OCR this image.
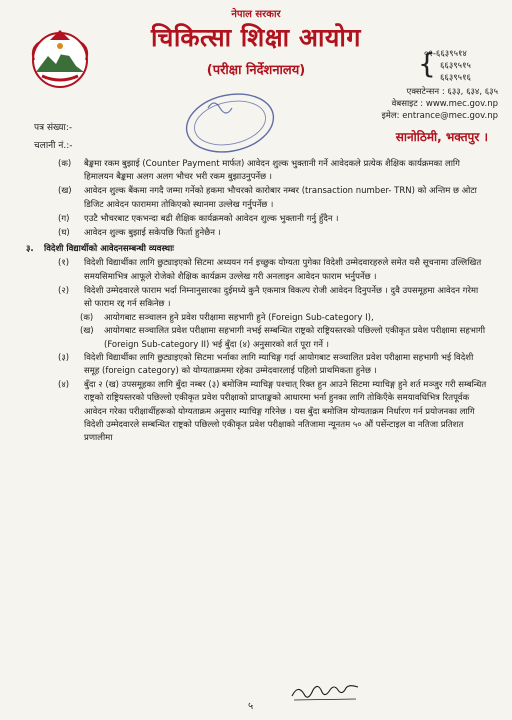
नेपाल सरकार
चिकित्सा शिक्षा आयोग
(परीक्षा निर्देशनालय)	{
०१-६६३९५१४
६६३९५१५
६६३९५१६
एक्सटेन्सन : ६३३, ६३४, ६३५
वेबसाइट : www.mec.gov.np
इमेल: entrance@mec.gov.np
पत्र संख्या:-
चलानी नं.:-
सानोठिमी, भक्तपुर ।
(क) बैङ्कमा रकम बुझाई (Counter Payment मार्फत) आवेदन शुल्क भुक्तानी गर्ने आवेदकले प्रत्येक शैक्षिक कार्यक्रमका लागि हिमालयन बैङ्कमा अलग अलग भौचर भरी रकम बुझाउनुपर्नेछ ।
(ख) आवेदन शुल्क बैंकमा नगदै जम्मा गर्नेको हकमा भौचरको कारोबार नम्बर (transaction number- TRN) को अन्तिम छ ओटा डिजिट आवेदन फाराममा तोकिएको स्थानमा उल्लेख गर्नुपर्नेछ ।
(ग) एउटै भौचरबाट एकभन्दा बढी शैक्षिक कार्यक्रमको आवेदन शुल्क भुक्तानी गर्नु हुँदैन ।
(घ) आवेदन शुल्क बुझाई सकेपछि फिर्ता हुनेछैन ।
३. विदेशी विद्यार्थीको आवेदनसम्बन्धी व्यवस्थाः
(१) विदेशी विद्यार्थीका लागि छुट्याइएको सिटमा अध्ययन गर्न इच्छुक योग्यता पुगेका विदेशी उम्मेदवारहरुले समेत यसै सूचनामा उल्लिखित समयसिमाभित्र आफूले रोजेको शैक्षिक कार्यक्रम उल्लेख गरी अनलाइन आवेदन फाराम भर्नुपर्नेछ ।
(२) विदेशी उम्मेदवारले फाराम भर्दा निम्नानुसारका दुईमध्ये कुनै एकमात्र विकल्प रोजी आवेदन दिनुपर्नेछ । दुवै उपसमूहमा आवेदन गरेमा सो फाराम रद्द गर्न सकिनेछ ।
(क) आयोगबाट सञ्चालन हुने प्रवेश परीक्षामा सहभागी हुने (Foreign Sub-category I),
(ख) आयोगबाट सञ्चालित प्रवेश परीक्षामा सहभागी नभई सम्बन्धित राष्ट्रको राष्ट्रियस्तरको पछिल्लो एकीकृत प्रवेश परीक्षामा सहभागी (Foreign Sub-category II) भई बुँदा (४) अनुसारको शर्त पूरा गर्ने ।
(३) विदेशी विद्यार्थीका लागि छुट्याइएको सिटमा भर्नाका लागि म्याचिङ्ग गर्दा आयोगबाट सञ्चालित प्रवेश परीक्षामा सहभागी भई विदेशी समूह (foreign category) को योग्यताक्रममा रहेका उम्मेदवारलाई पहिलो प्राथमिकता हुनेछ ।
(४) बुँदा २ (ख) उपसमूहका लागि बुँदा नम्बर (३) बमोजिम म्याचिङ्ग पश्चात् रिक्त हुन आउने सिटमा म्याचिङ्ग हुने शर्त मञ्जुर गरी सम्बन्धित राष्ट्रको राष्ट्रियस्तरको पछिल्लो एकीकृत प्रवेश परीक्षाको प्राप्ताङ्कको आधारमा भर्ना हुनका लागि तोकिएँके समयावधिभित्र रितपूर्वक आवेदन गरेका परीक्षार्थीहरूको योग्यताक्रम अनुसार म्याचिङ्ग गरिनेछ । यस बुँदा बमोजिम योग्यताक्रम निर्धारण गर्न प्रयोजनका लागि विदेशी उम्मेदवारले सम्बन्धित राष्ट्रको पछिल्लो एकीकृत प्रवेश परीक्षाको नतिजामा न्यूनतम ५० औं पर्सेन्टाइल वा नतिजा प्रतिशत प्रणालीमा
५
